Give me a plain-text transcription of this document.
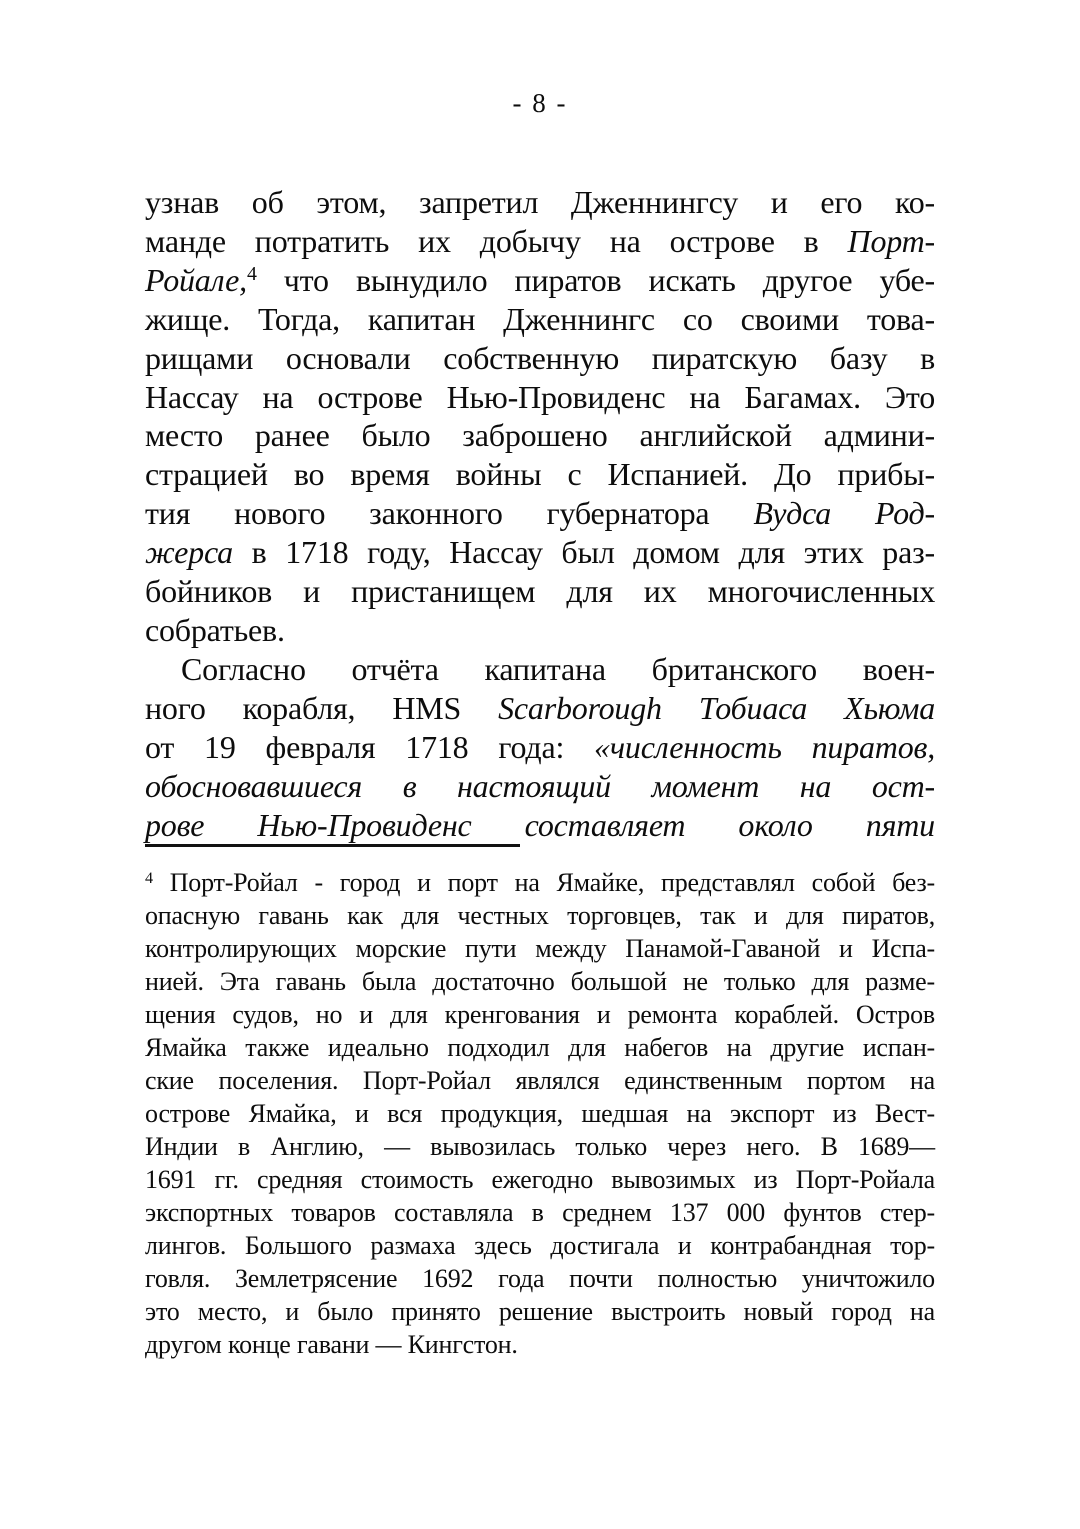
- 8 -
узнав об этом, запретил Дженнингсу и его ко-
манде потратить их добычу на острове в Порт-
Ройале,$^4$ что вынудило пиратов искать другое убе-
жище. Тогда, капитан Дженнингс со своими това-
рищами основали собственную пиратскую базу в
Нассау на острове Нью-Провиденс на Багамах. Это
место ранее было заброшено английской админи-
страцией во время войны с Испанией. До прибы-
тия нового законного губернатора Вудса Род-
жерса в 1718 году, Нассау был домом для этих раз-
бойников и пристанищем для их многочисленных
собратьев.
Согласно отчёта капитана британского воен-
ного корабля, HMS Scarborough Тобиаса Хьюма
от 19 февраля 1718 года: «численность пиратов,
обосновавшиеся в настоящий момент на ост-
рове Нью-Провиденс составляет около пяти
$^4$ Порт-Ройал - город и порт на Ямайке, представлял собой без-
опасную гавань как для честных торговцев, так и для пиратов,
контролирующих морские пути между Панамой-Гаваной и Испа-
нией. Эта гавань была достаточно большой не только для разме-
щения судов, но и для кренгования и ремонта кораблей. Остров
Ямайка также идеально подходил для набегов на другие испан-
ские поселения. Порт-Ройал являлся единственным портом на
острове Ямайка, и вся продукция, шедшая на экспорт из Вест-
Индии в Англию, — вывозилась только через него. В 1689—
1691 гг. средняя стоимость ежегодно вывозимых из Порт-Ройала
экспортных товаров составляла в среднем 137 000 фунтов стер-
лингов. Большого размаха здесь достигала и контрабандная тор-
говля. Землетрясение 1692 года почти полностью уничтожило
это место, и было принято решение выстроить новый город на
другом конце гавани — Кингстон.
